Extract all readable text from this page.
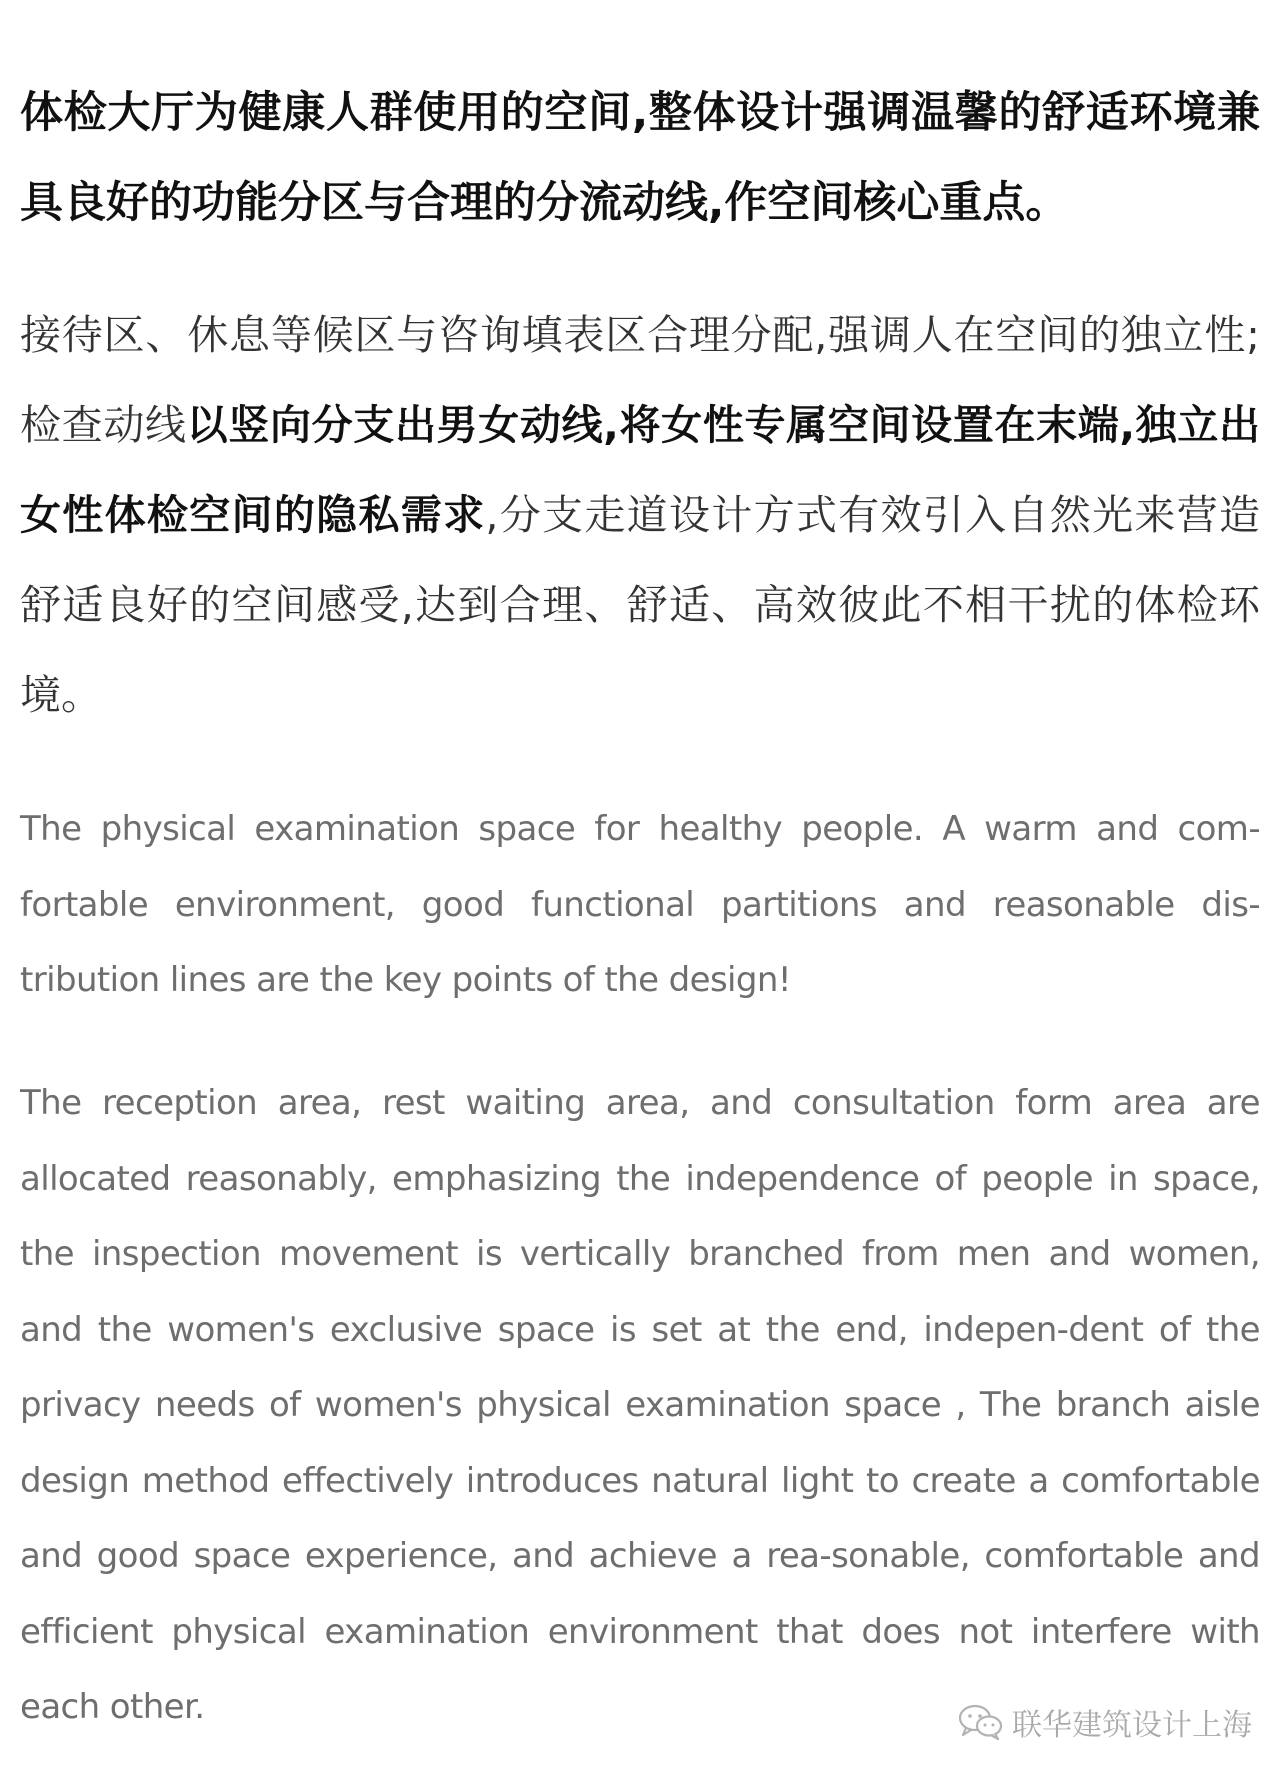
体检大厅为健康人群使用的空间,整体设计强调温馨的舒适环境兼具良好的功能分区与合理的分流动线,作空间核心重点。

接待区、休息等候区与咨询填表区合理分配,强调人在空间的独立性;检查动线以竖向分支出男女动线,将女性专属空间设置在末端,独立出女性体检空间的隐私需求,分支走道设计方式有效引入自然光来营造舒适良好的空间感受,达到合理、舒适、高效彼此不相干扰的体检环境。

The physical examination space for healthy people. A warm and com-fortable environment, good functional partitions and reasonable dis-tribution lines are the key points of the design!

The reception area, rest waiting area, and consultation form area are allocated reasonably, emphasizing the independence of people in space, the inspection movement is vertically branched from men and women, and the women's exclusive space is set at the end, indepen-dent of the privacy needs of women's physical examination space , The branch aisle design method effectively introduces natural light to create a comfortable and good space experience, and achieve a rea-sonable, comfortable and efficient physical examination environment that does not interfere with each other.	联华建筑设计上海
